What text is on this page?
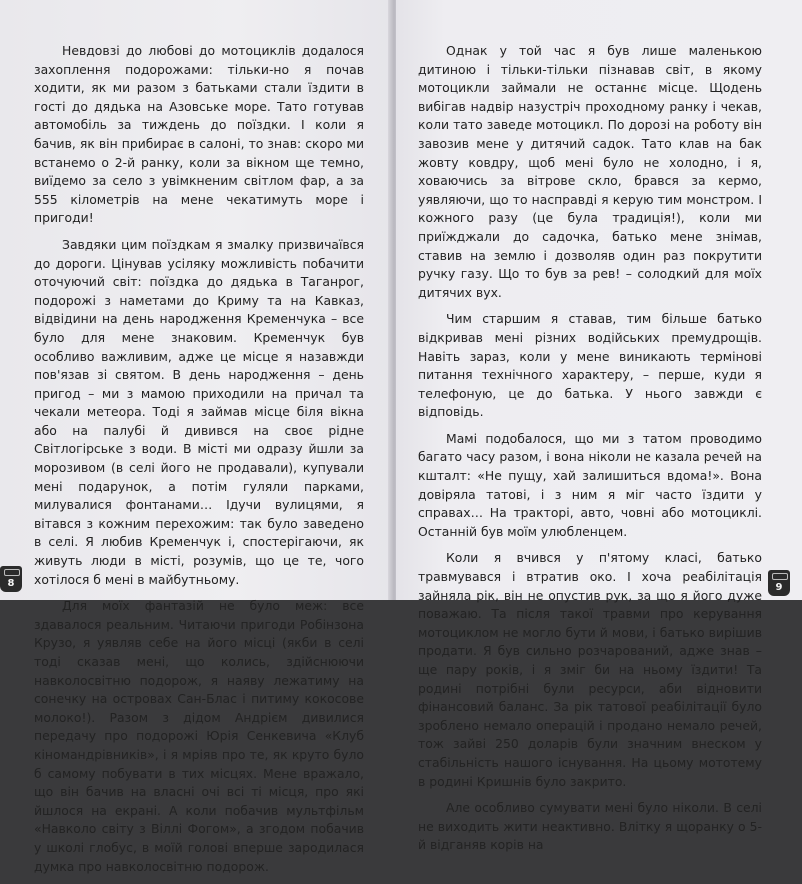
Невдовзі до любові до мотоциклів додалося захоплення подорожами: тільки-но я почав ходити, як ми разом з батьками стали їздити в гості до дядька на Азовське море. Тато готував автомобіль за тиждень до поїздки. І коли я бачив, як він прибирає в салоні, то знав: скоро ми встанемо о 2-й ранку, коли за вікном ще темно, виїдемо за село з увімкненим світлом фар, а за 555 кілометрів на мене чекатимуть море і пригоди!

Завдяки цим поїздкам я змалку призвичаївся до дороги. Цінував усіляку можливість побачити оточуючий світ: поїздка до дядька в Таганрог, подорожі з наметами до Криму та на Кавказ, відвідини на день народження Кременчука – все було для мене знаковим. Кременчук був особливо важливим, адже це місце я назавжди пов'язав зі святом. В день народження – день пригод – ми з мамою приходили на причал та чекали метеора. Тоді я займав місце біля вікна або на палубі й дивився на своє рідне Світлогірське з води. В місті ми одразу йшли за морозивом (в селі його не продавали), купували мені подарунок, а потім гуляли парками, милувалися фонтанами… Ідучи вулицями, я вітався з кожним перехожим: так було заведено в селі. Я любив Кременчук і, спостерігаючи, як живуть люди в місті, розумів, що це те, чого хотілося б мені в майбутньому.

Для моїх фантазій не було меж: все здавалося реальним. Читаючи пригоди Робінзона Крузо, я уявляв себе на його місці (якби в селі тоді сказав мені, що колись, здійснюючи навколосвітню подорож, я наяву лежатиму на сонечку на островах Сан-Блас і питиму кокосове молоко!). Разом з дідом Андрієм дивилися передачу про подорожі Юрія Сенкевича «Клуб кіномандрівників», і я мріяв про те, як круто було б самому побувати в тих місцях. Мене вражало, що він бачив на власні очі всі ті місця, про які йшлося на екрані. А коли побачив мультфільм «Навколо світу з Віллі Фогом», а згодом побачив у школі глобус, в моїй голові вперше зародилася думка про навколосвітню подорож.

8

Однак у той час я був лише маленькою дитиною і тільки-тільки пізнавав світ, в якому мотоцикли займали не останнє місце. Щодень вибігав надвір назустріч проходному ранку і чекав, коли тато заведе мотоцикл. По дорозі на роботу він завозив мене у дитячий садок. Тато клав на бак жовту ковдру, щоб мені було не холодно, і я, ховаючись за вітрове скло, брався за кермо, уявляючи, що то насправді я керую тим монстром. І кожного разу (це була традиція!), коли ми приїжджали до садочка, батько мене знімав, ставив на землю і дозволяв один раз покрутити ручку газу. Що то був за рев! – солодкий для моїх дитячих вух.

Чим старшим я ставав, тим більше батько відкривав мені різних водійських премудрощів. Навіть зараз, коли у мене виникають термінові питання технічного характеру, – перше, куди я телефоную, це до батька. У нього завжди є відповідь.

Мамі подобалося, що ми з татом проводимо багато часу разом, і вона ніколи не казала речей на кшталт: «Не пущу, хай залишиться вдома!». Вона довіряла татові, і з ним я міг часто їздити у справах… На тракторі, авто, човні або мотоциклі. Останній був моїм улюбленцем.

Коли я вчився у п'ятому класі, батько травмувався і втратив око. І хоча реабілітація зайняла рік, він не опустив рук, за що я його дуже поважаю. Та після такої травми про керування мотоциклом не могло бути й мови, і батько вирішив продати. Я був сильно розчарований, адже знав – ще пару років, і я зміг би на ньому їздити! Та родині потрібні були ресурси, аби відновити фінансовий баланс. За рік татової реабілітації було зроблено немало операцій і продано немало речей, тож зайві 250 доларів були значним внеском у стабільність нашого існування. На цьому мототему в родині Кришнів було закрито.

Але особливо сумувати мені було ніколи. В селі не виходить жити неактивно. Влітку я щоранку о 5-й відганяв корів на

9
